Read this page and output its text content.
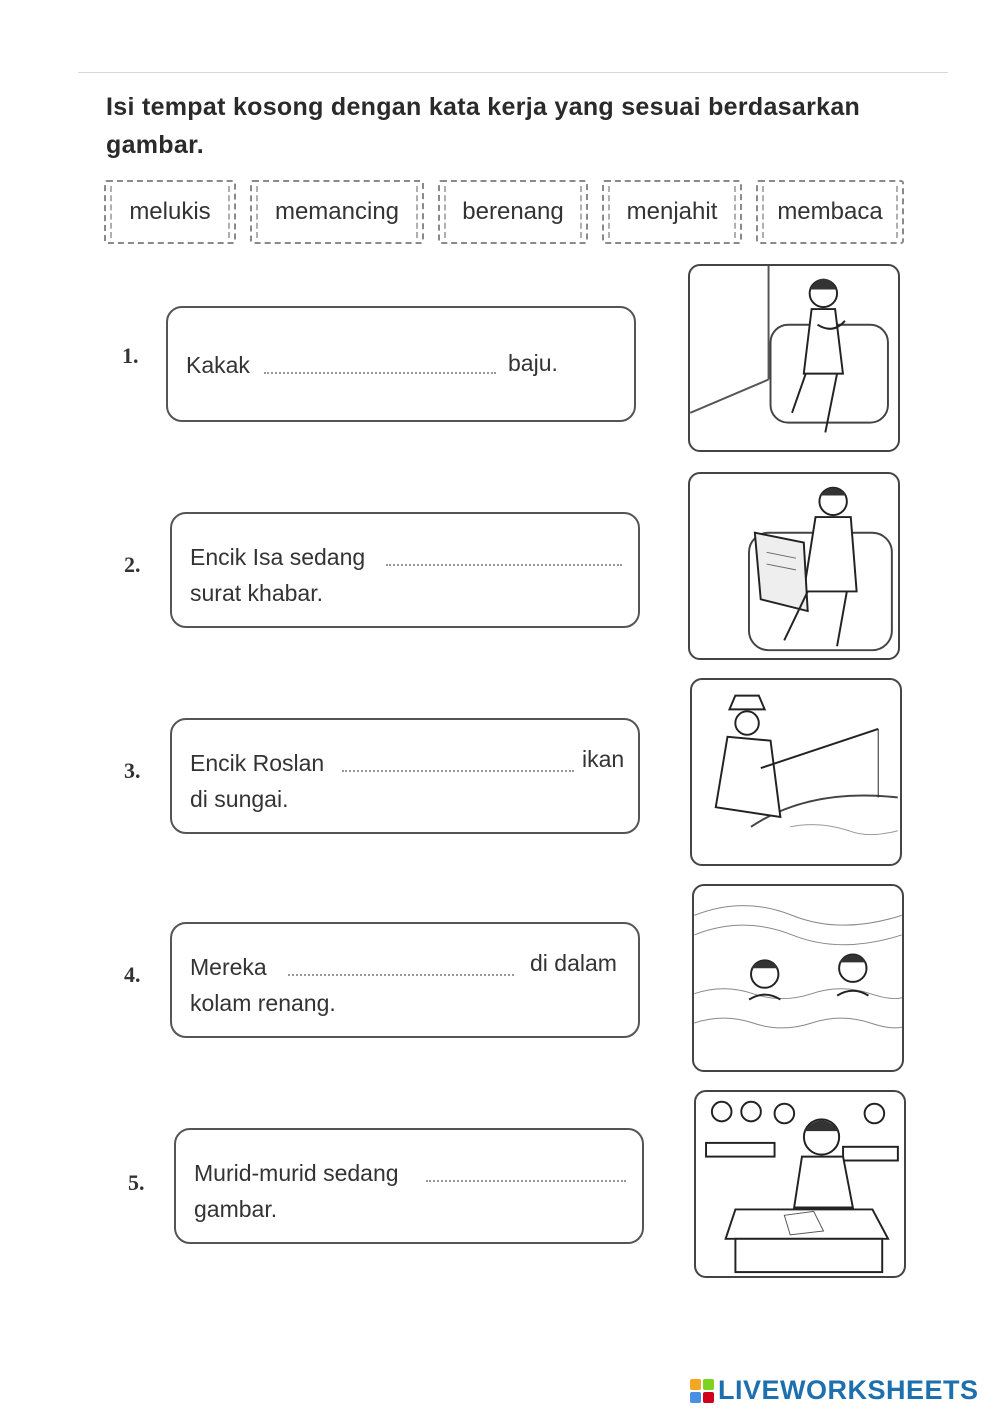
Isi tempat kosong dengan kata kerja yang sesuai berdasarkan gambar.
melukis	memancing	berenang	menjahit	membaca
1. Kakak	baju.
2. Encik Isa sedang
surat khabar.
3. Encik Roslan	ikan
di sungai.
4. Mereka	di dalam
kolam renang.
5. Murid-murid sedang
gambar.
LIVEWORKSHEETS
